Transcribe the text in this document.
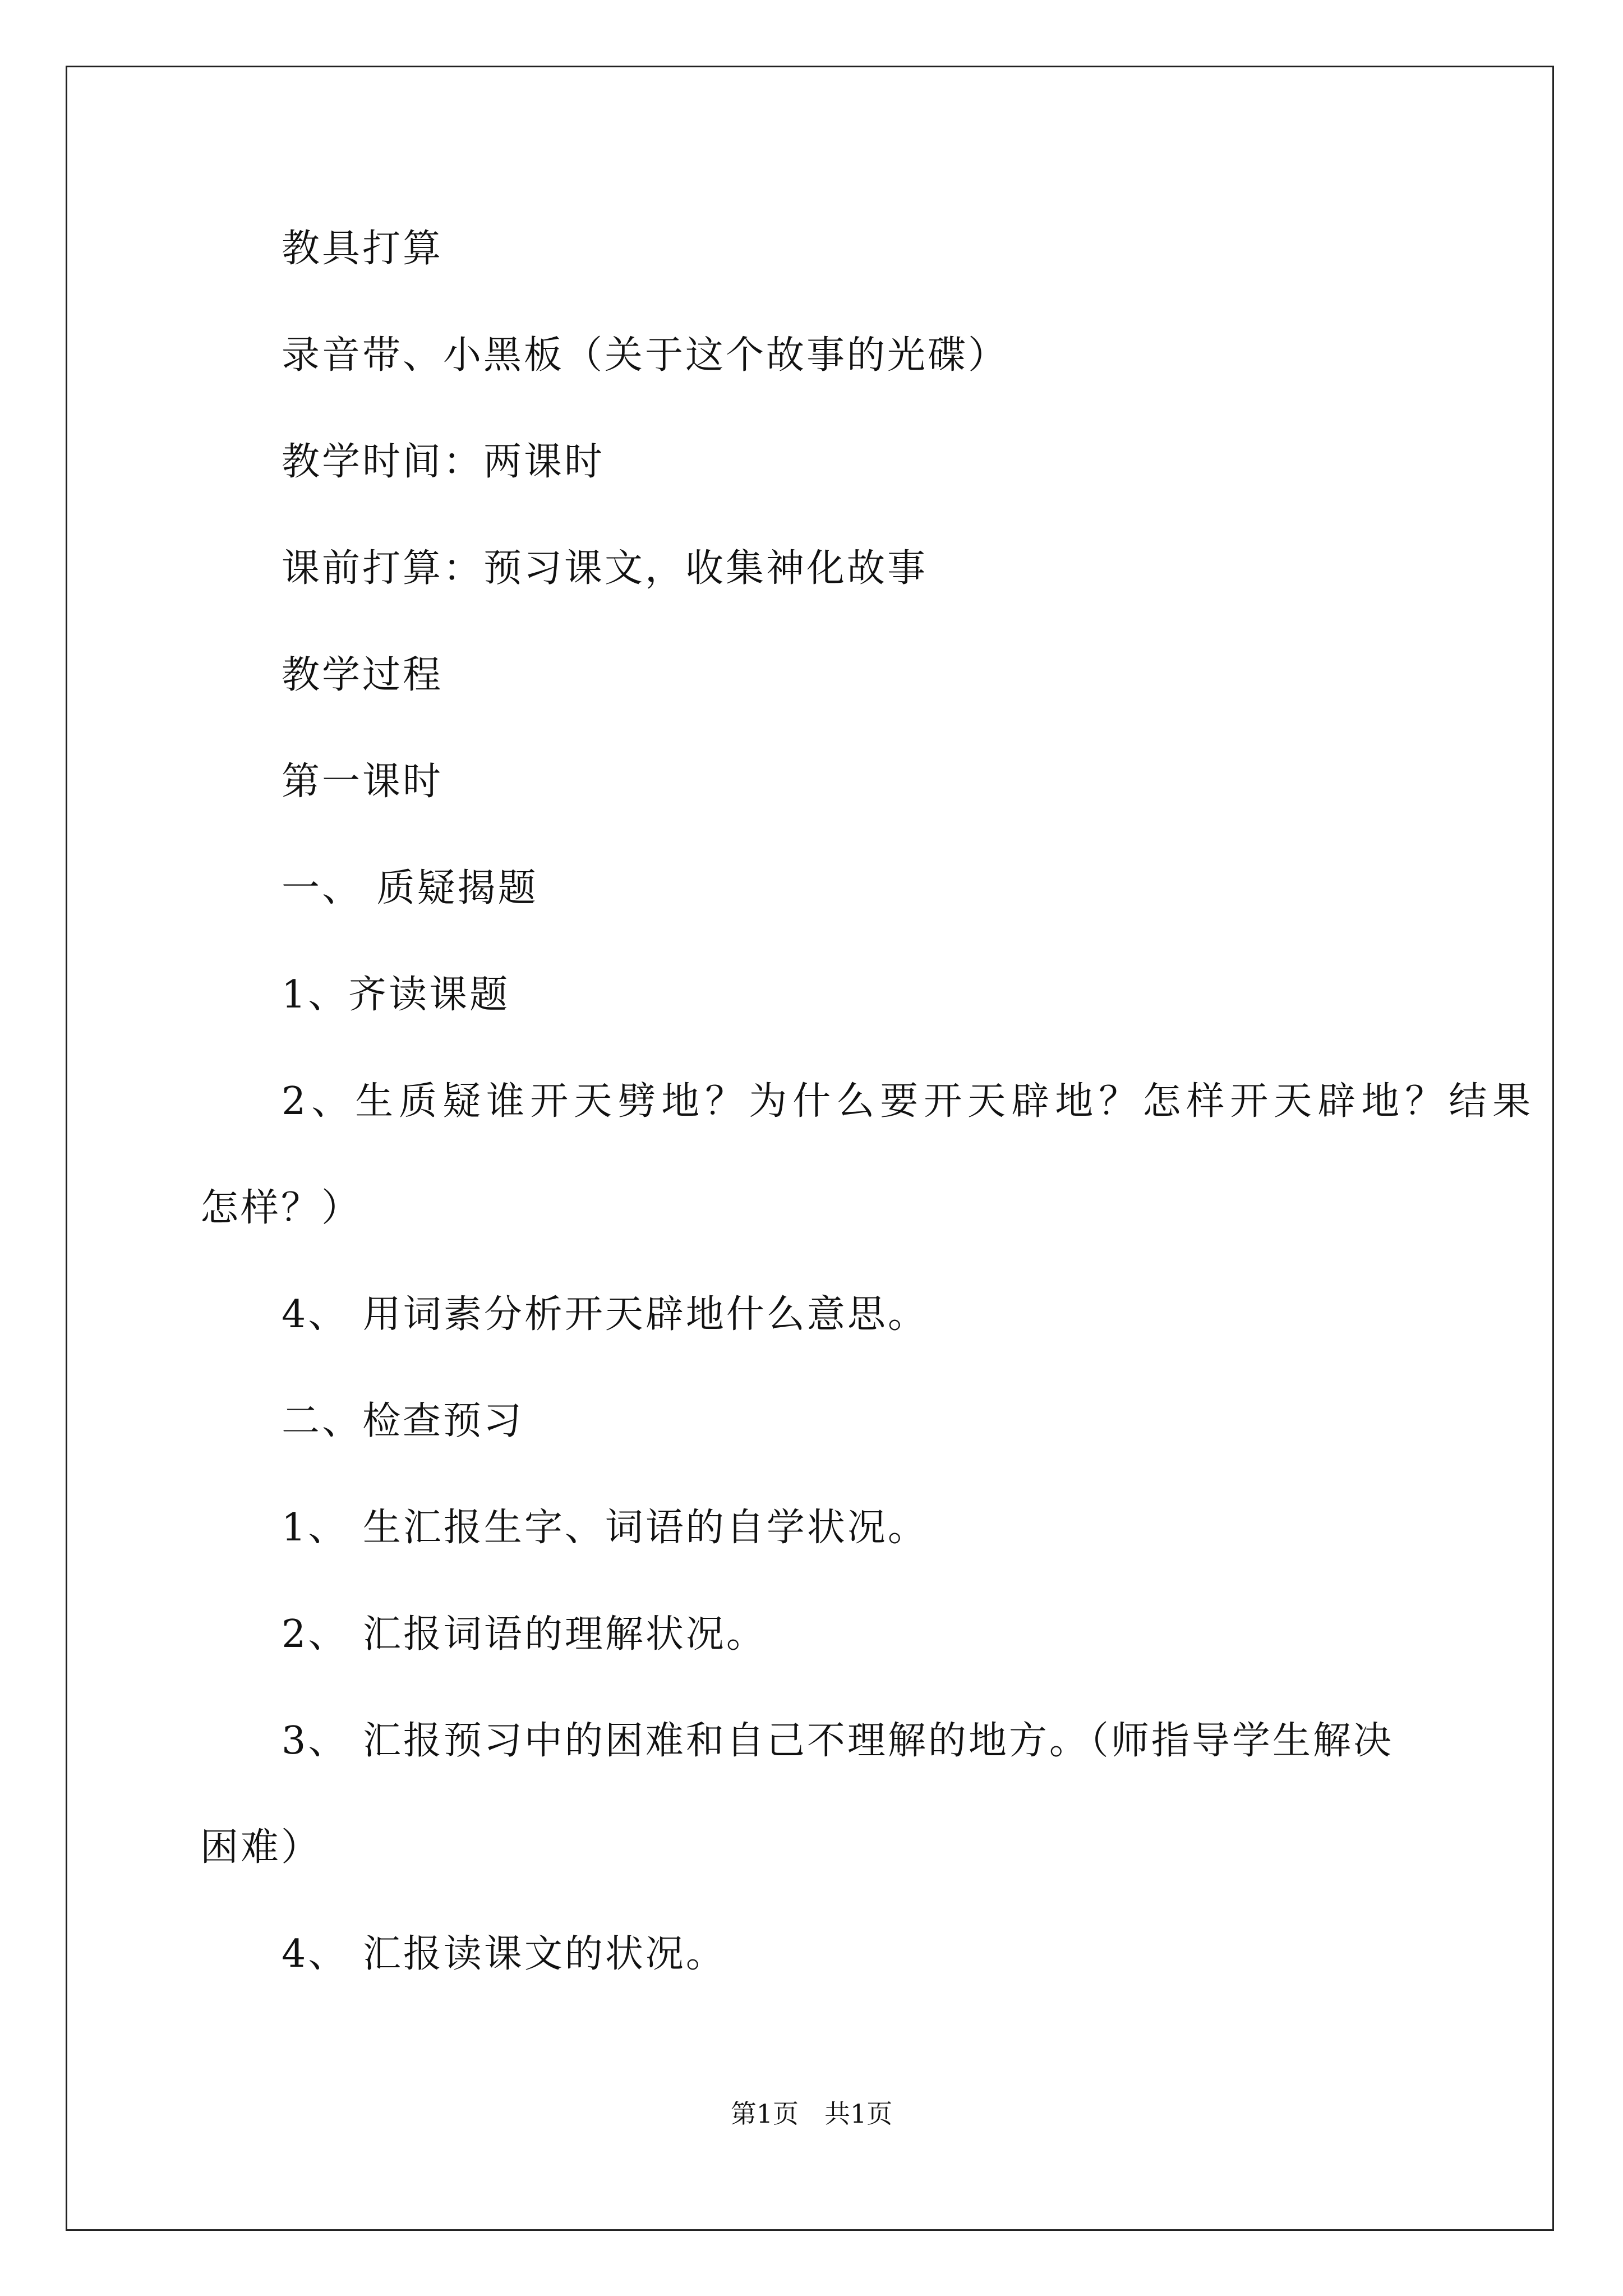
教具打算
录音带、小黑板（关于这个故事的光碟）
教学时间：两课时
课前打算：预习课文，收集神化故事
教学过程
第一课时
一、 质疑揭题
1、齐读课题
2、生质疑谁开天劈地？为什么要开天辟地？怎样开天辟地？结果
怎样？）
4、 用词素分析开天辟地什么意思。
二、检查预习
1、 生汇报生字、词语的自学状况。
2、 汇报词语的理解状况。
3、 汇报预习中的困难和自己不理解的地方。（师指导学生解决
困难）
4、 汇报读课文的状况。
第1页　共1页
